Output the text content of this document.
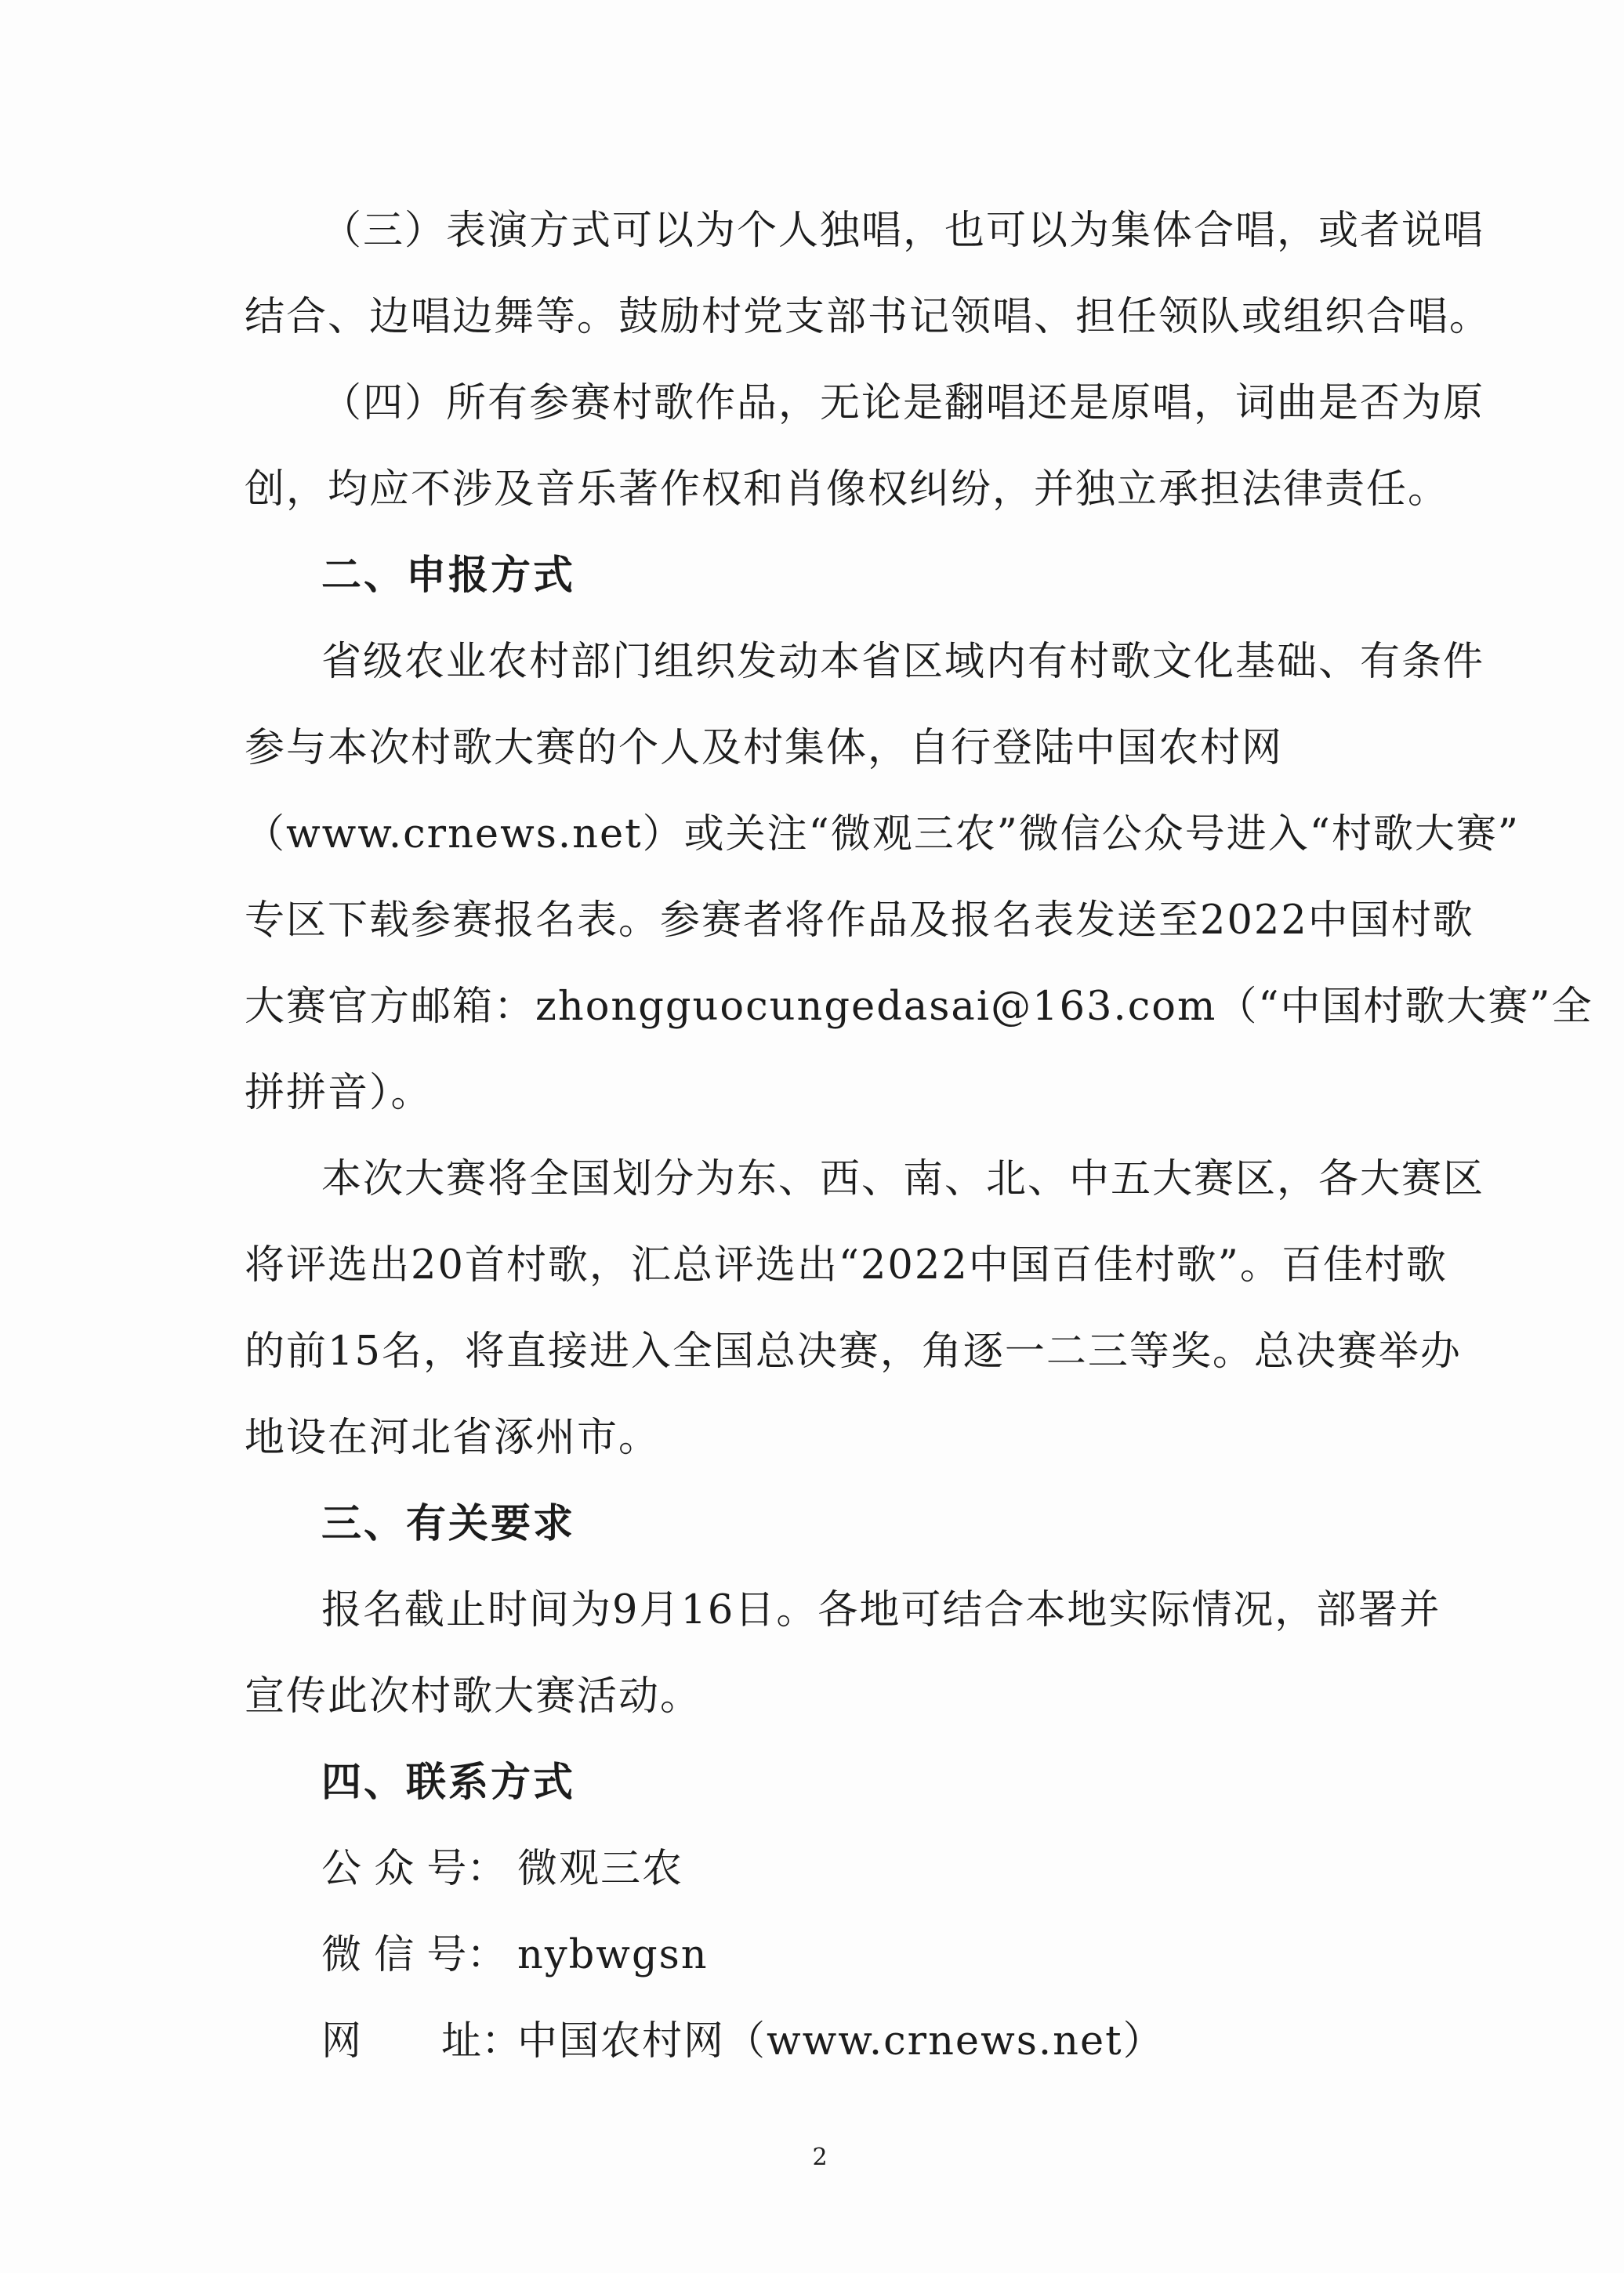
（三）表演方式可以为个人独唱，也可以为集体合唱，或者说唱
结合、边唱边舞等。鼓励村党支部书记领唱、担任领队或组织合唱。
（四）所有参赛村歌作品，无论是翻唱还是原唱，词曲是否为原
创，均应不涉及音乐著作权和肖像权纠纷，并独立承担法律责任。
二、申报方式
省级农业农村部门组织发动本省区域内有村歌文化基础、有条件
参与本次村歌大赛的个人及村集体，自行登陆中国农村网
（www.crnews.net）或关注“微观三农”微信公众号进入“村歌大赛”
专区下载参赛报名表。参赛者将作品及报名表发送至2022中国村歌
大赛官方邮箱：zhongguocungedasai@163.com（“中国村歌大赛”全
拼拼音）。
本次大赛将全国划分为东、西、南、北、中五大赛区，各大赛区
将评选出20首村歌，汇总评选出“2022中国百佳村歌”。百佳村歌
的前15名，将直接进入全国总决赛，角逐一二三等奖。总决赛举办
地设在河北省涿州市。
三、有关要求
报名截止时间为9月16日。各地可结合本地实际情况，部署并
宣传此次村歌大赛活动。
四、联系方式
公 众 号： 微观三农
微 信 号： nybwgsn
网　　址：中国农村网（www.crnews.net）
2
